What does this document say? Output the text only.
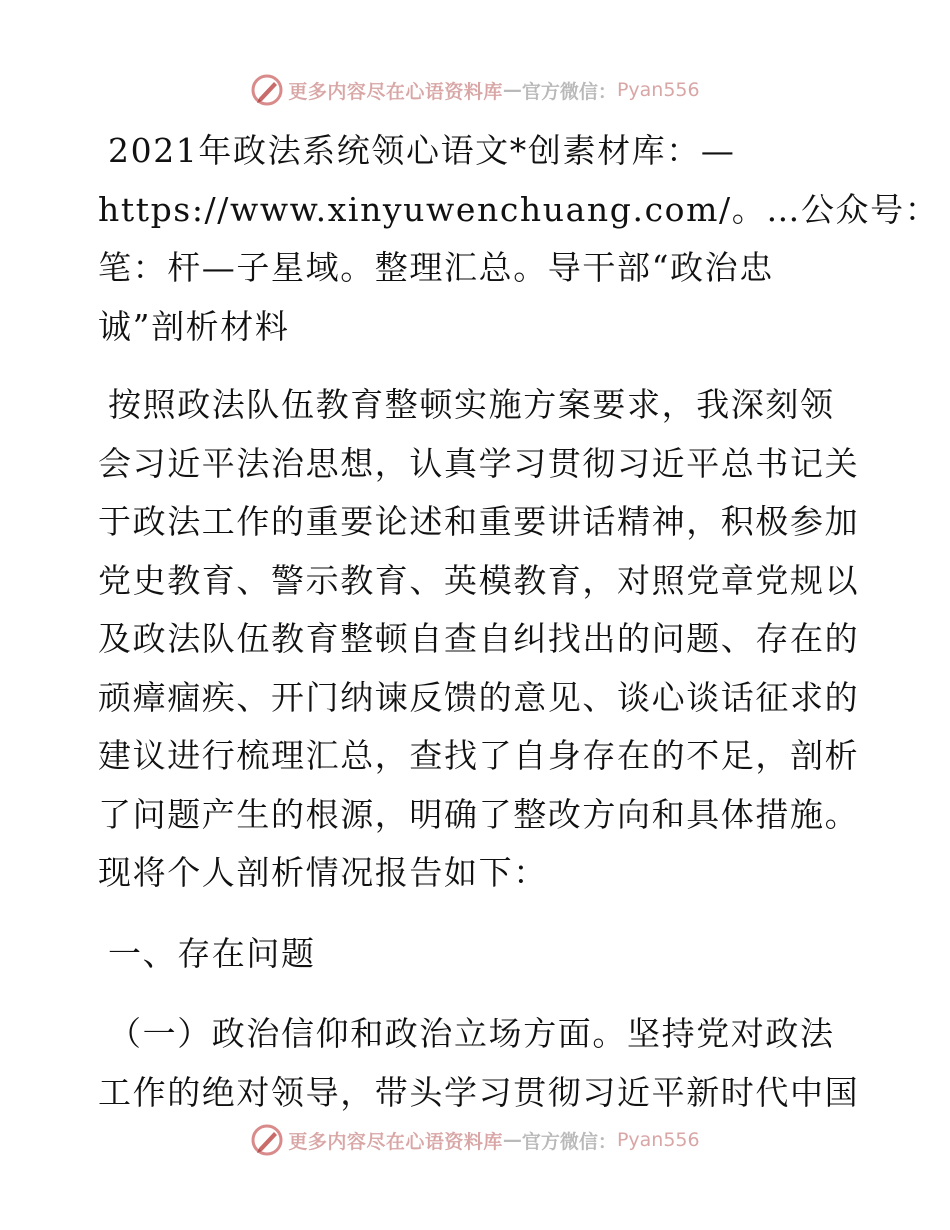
更多内容尽在心语资料库 — 官方微信： Pyan556
2021年政法系统领心语文*创素材库：—
https://www.xinyuwenchuang.com/。…公众号：
笔：杆—子星域。整理汇总。导干部“政治忠
诚”剖析材料
按照政法队伍教育整顿实施方案要求，我深刻领
会习近平法治思想，认真学习贯彻习近平总书记关
于政法工作的重要论述和重要讲话精神，积极参加
党史教育、警示教育、英模教育，对照党章党规以
及政法队伍教育整顿自查自纠找出的问题、存在的
顽瘴痼疾、开门纳谏反馈的意见、谈心谈话征求的
建议进行梳理汇总，查找了自身存在的不足，剖析
了问题产生的根源，明确了整改方向和具体措施。
现将个人剖析情况报告如下：
一、存在问题
（一）政治信仰和政治立场方面。坚持党对政法
工作的绝对领导，带头学习贯彻习近平新时代中国
更多内容尽在心语资料库 — 官方微信： Pyan556
